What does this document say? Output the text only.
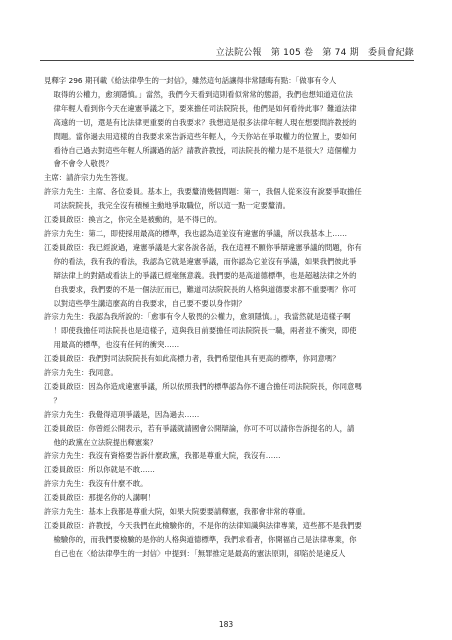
立法院公報　第 105 卷　第 74 期　委員會紀錄
見釋字 296 期刊載《給法律學生的一封信》，雖然這句話讓得非常隱晦有點：「做事有令人
取得的公權力，愈須隱慎。」當然，我們今天看到這則看似常常的態語，我們也想知道這位法
律年輕人看到你今天在違憲爭議之下，要來擔任司法院院長，他們是如何看待此事？難道法律
高遠的一切，還是有比法律更重要的自我要求？我想這是很多法律年輕人現在想要問許教授的
問題。當你過去用這樣的自我要求來告訴這些年輕人，今天你站在爭取權力的位置上，要如何
看待自己過去對這些年輕人所講過的話？請教許教授，司法院長的權力是不是很大？這個權力
會不會令人敬畏？
主席：請許宗力先生答復。
許宗力先生：主席、各位委員。基本上，我要釐清幾個問題：第一，我個人從來沒有說要爭取擔任
司法院院長，我完全沒有積極主動地爭取職位，所以這一點一定要釐清。
江委員啟臣：換言之，你完全是被動的，是不得已的。
許宗力先生：第二，即使採用最高的標準，我也認為這並沒有違憲的爭議，所以我基本上……
江委員啟臣：我已經說過，違憲爭議是大家各說各話，我在這裡不願你爭辯違憲爭議的問題，你有
你的看法，我有我的看法，我認為它就是違憲爭議，而你認為它並沒有爭議，如果我們彼此爭
辯法律上的對錯或看法上的爭議已經毫無意義。我們要的是高道德標準，也是超越法律之外的
自我要求，我們要的不是一個法匠而已，難道司法院院長的人格與道德要求都不重要嗎？你可
以對這些學生講這麼高的自我要求，自己要不要以身作則？
許宗力先生：我認為我所說的：「愈事有令人敬畏的公權力，愈須隱慎。」，我當然就是這樣子啊
！即使我擔任司法院長也是這樣子，這與我目前要擔任司法院院長一職，兩者並不衝突，即使
用最高的標準，也沒有任何的衝突……
江委員啟臣：我們對司法院院長有如此高標力者，我們希望他具有更高的標準，你同意嗎？
許宗力先生：我同意。
江委員啟臣：因為你造成違憲爭議，所以依照我們的標準認為你不適合擔任司法院院長，你同意嗎
？
許宗力先生：我覺得這項爭議是，因為過去……
江委員啟臣：你曾經公開表示，若有爭議就請國會公開辯論，你可不可以請你告訴提名的人，請
他的政黨在立法院提出釋憲案？
許宗力先生：我沒有資格要告訴什麼政黨，我都是尊重大院，我沒有……
江委員啟臣：所以你就是不敢……
許宗力先生：我沒有什麼不敢。
江委員啟臣：那提名你的人講啊！
許宗力先生：基本上我都是尊重大院，如果大院要要請釋憲，我都會非常的尊重。
江委員啟臣：許教授，今天我們在此檢驗你的，不是你的法律知識與法律專業，這些都不是我們要
檢驗你的，而我們要檢驗的是你的人格與道德標準，我們求看者，你開福自己是法律專業，你
自己也在〈給法律學生的一封信〉中提到：「無罪推定是最高的憲法原則，卻陷於是違反人
183
